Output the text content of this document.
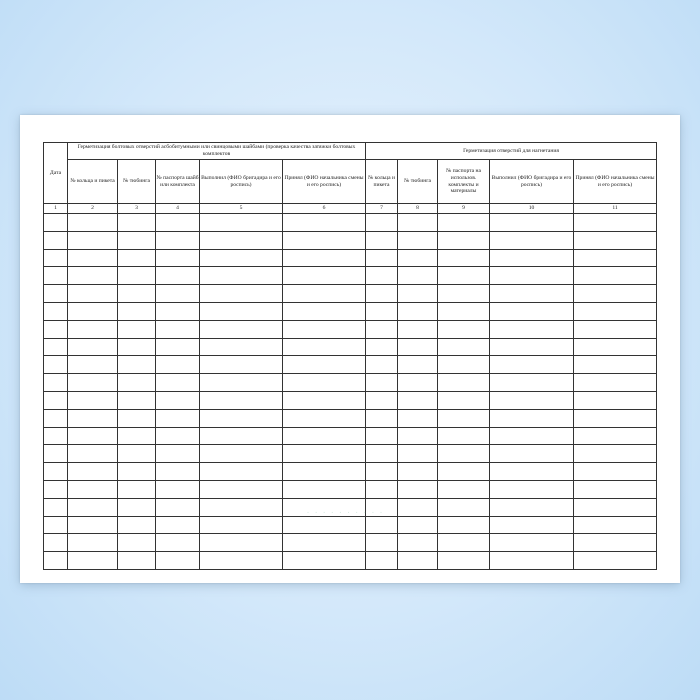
Дата	Герметизация болтовых отверстий асбобитумными или свинцовыми шайбами (проверка качества затяжки болтовых комплектов					Герметизация отверстий для нагнетания				
	№ кольца и пикета	№ тюбинга	№ паспорта шайб или комплекта	Выполнил (ФИО бригадира и его роспись)	Принял (ФИО начальника смены и его роспись)	№ кольца и пикета	№ тюбинга	№ паспорта на использов. комплекты и материалы	Выполнил (ФИО бригадира и его роспись)	Принял (ФИО начальника смены и его роспись)
1	2	3	4	5	6	7	8	9	10	11

· · · · · · · · · ·
